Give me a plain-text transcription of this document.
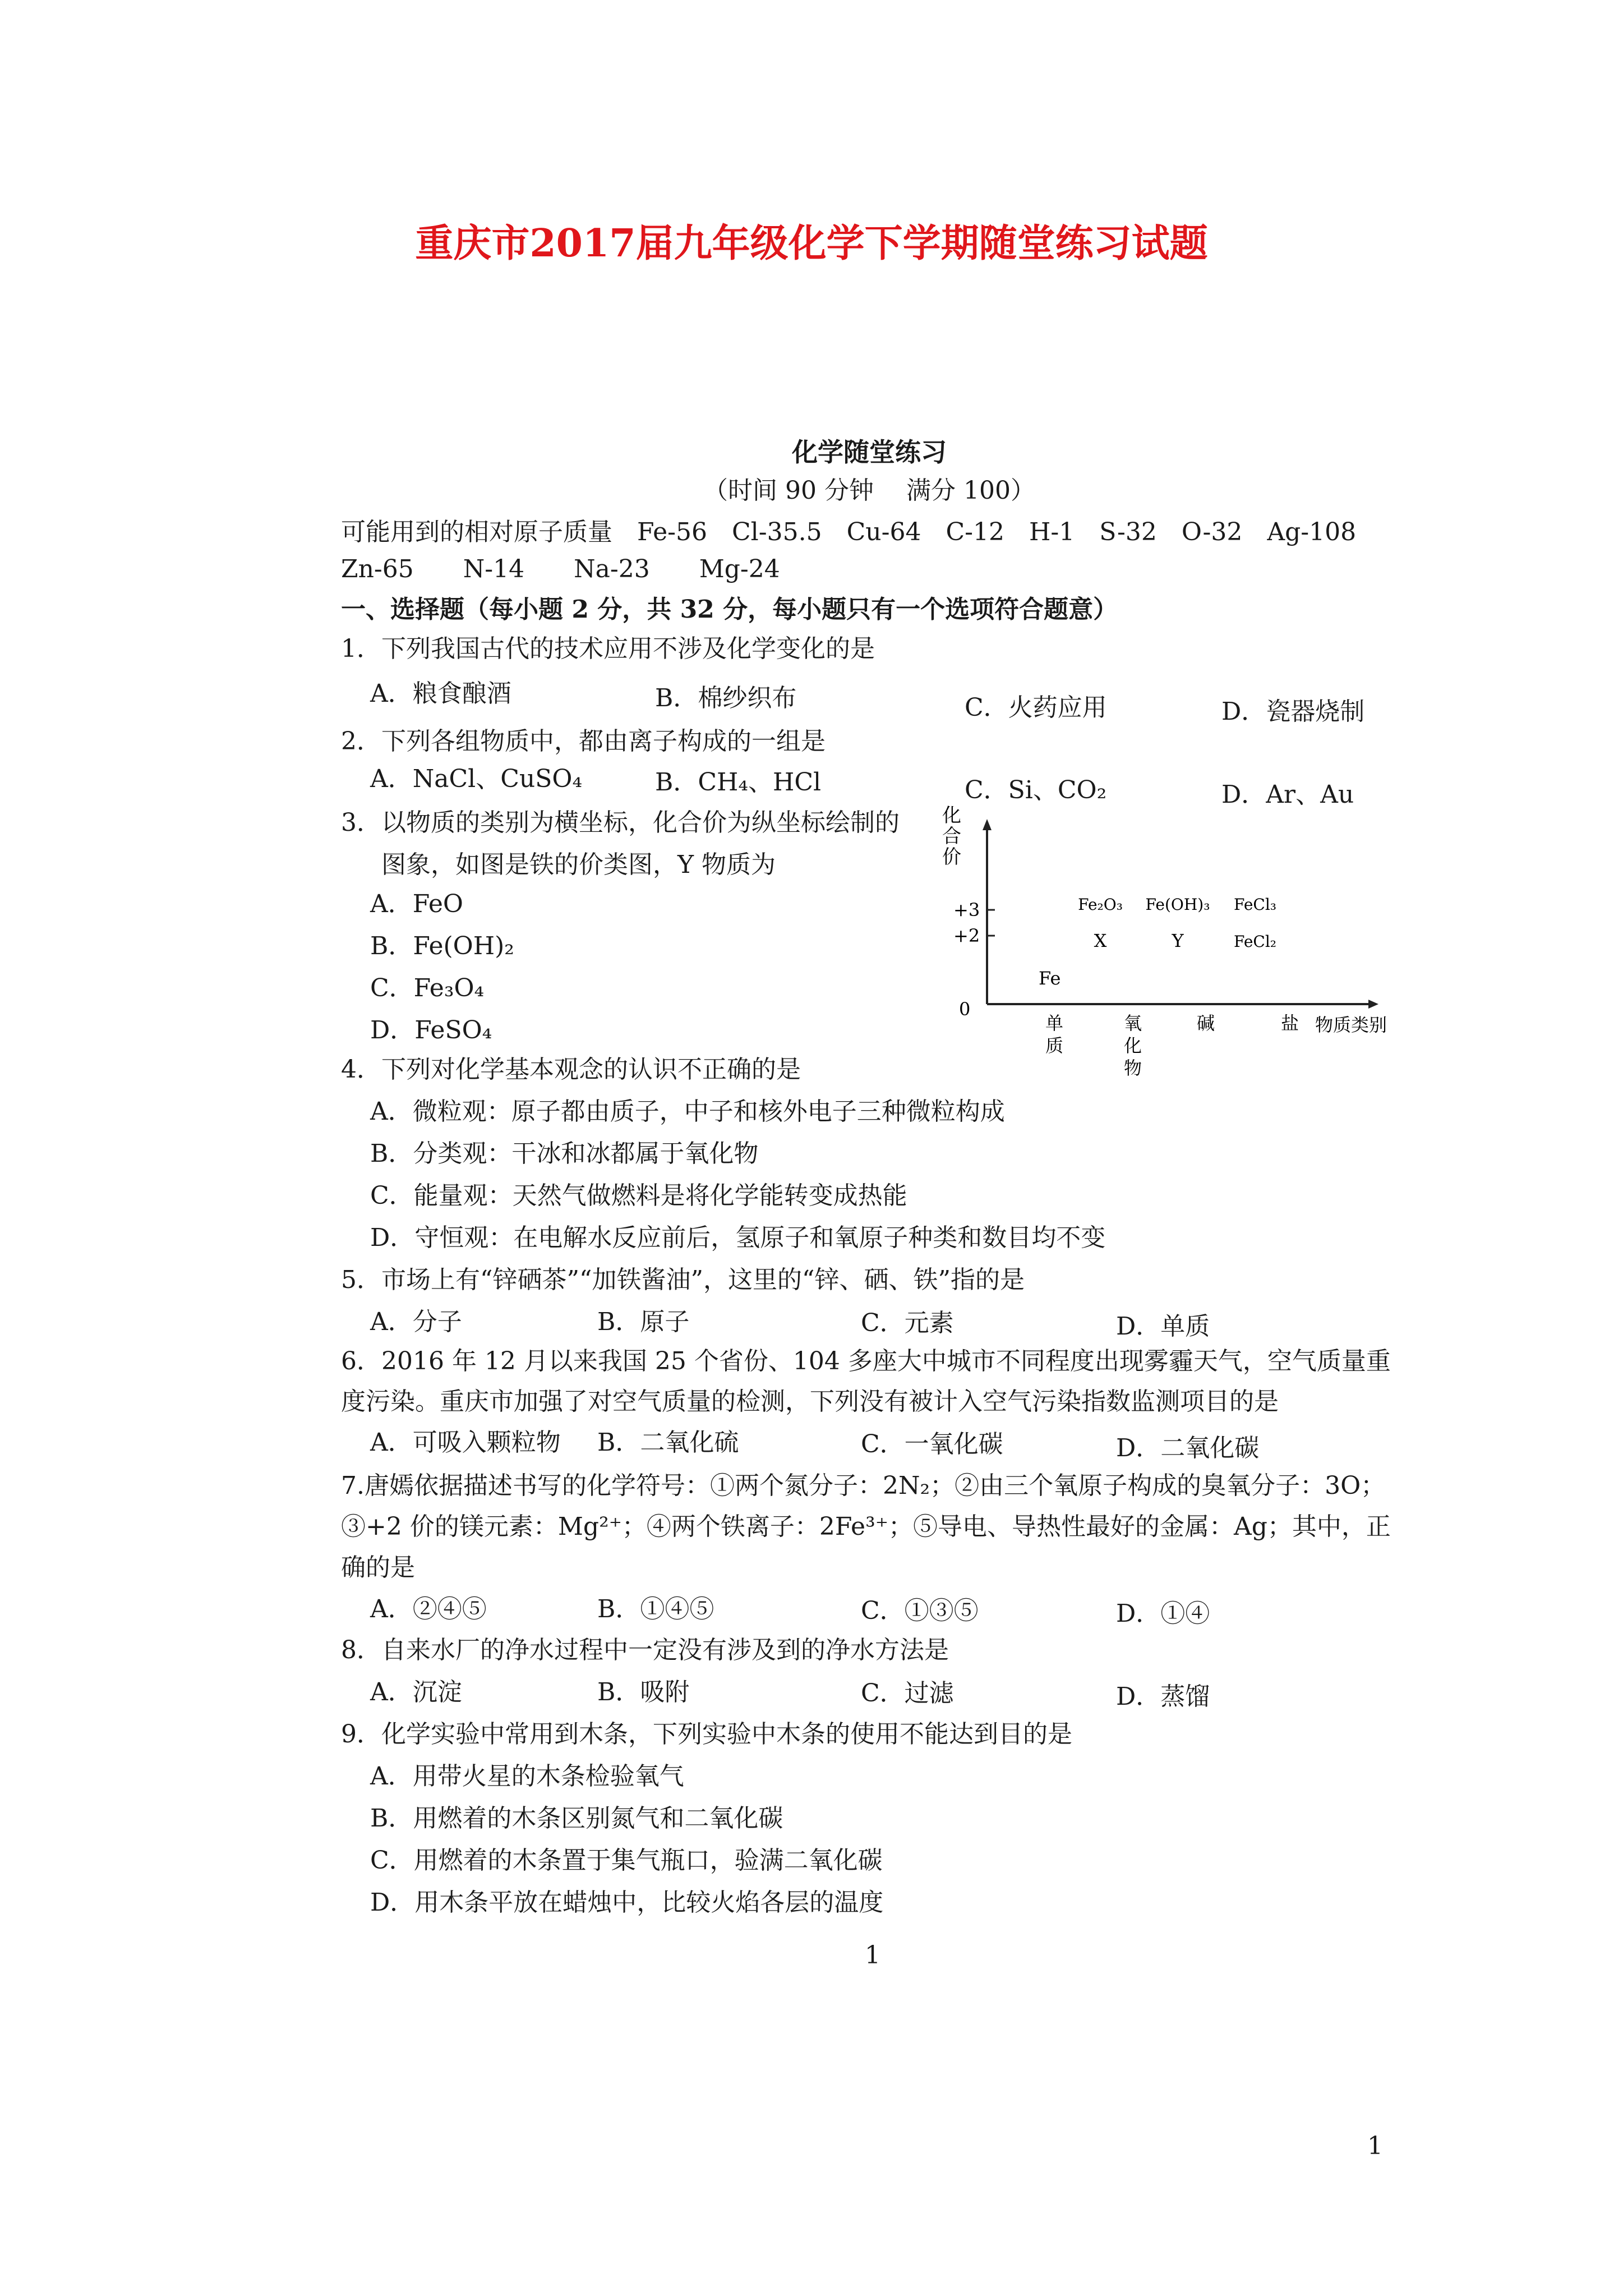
重庆市2017届九年级化学下学期随堂练习试题
化学随堂练习
（时间 90 分钟　 满分 100）
可能用到的相对原子质量　Fe-56　Cl-35.5　Cu-64　C-12　H-1　S-32　O-32　Ag-108
Zn-65　　N-14　　Na-23　　Mg-24
一、选择题（每小题 2 分，共 32 分，每小题只有一个选项符合题意）
1．下列我国古代的技术应用不涉及化学变化的是
A．粮食酿酒	B．棉纱织布	C．火药应用	D．瓷器烧制
2．下列各组物质中，都由离子构成的一组是
A．NaCl、CuSO₄	B．CH₄、HCl	C．Si、CO₂	D．Ar、Au
3．以物质的类别为横坐标，化合价为纵坐标绘制的
图象，如图是铁的价类图，Y 物质为
A．FeO
B．Fe(OH)₂
C．Fe₃O₄
D．FeSO₄
化
合
价
+3
+2
0
Fe
Fe₂O₃ Fe(OH)₃ FeCl₃
X	Y	FeCl₂
单
质
氧
化
物
碱	盐 物质类别
4．下列对化学基本观念的认识不正确的是
A．微粒观：原子都由质子，中子和核外电子三种微粒构成
B．分类观：干冰和冰都属于氧化物
C．能量观：天然气做燃料是将化学能转变成热能
D．守恒观：在电解水反应前后，氢原子和氧原子种类和数目均不变
5．市场上有“锌硒茶”“加铁酱油”，这里的“锌、硒、铁”指的是
A．分子	B．原子	C．元素	D．单质
6．2016 年 12 月以来我国 25 个省份、104 多座大中城市不同程度出现雾霾天气，空气质量重
度污染。重庆市加强了对空气质量的检测，下列没有被计入空气污染指数监测项目的是
A．可吸入颗粒物 B．二氧化硫	C．一氧化碳	D．二氧化碳
7.唐嫣依据描述书写的化学符号：①两个氮分子：2N₂；②由三个氧原子构成的臭氧分子：3O；
③+2 价的镁元素：Mg²⁺；④两个铁离子：2Fe³⁺；⑤导电、导热性最好的金属：Ag；其中，正
确的是
A．②④⑤	B．①④⑤	C．①③⑤	D．①④
8．自来水厂的净水过程中一定没有涉及到的净水方法是
A．沉淀	B．吸附	C．过滤	D．蒸馏
9．化学实验中常用到木条，下列实验中木条的使用不能达到目的是
A．用带火星的木条检验氧气
B．用燃着的木条区别氮气和二氧化碳
C．用燃着的木条置于集气瓶口，验满二氧化碳
D．用木条平放在蜡烛中，比较火焰各层的温度
1
1
